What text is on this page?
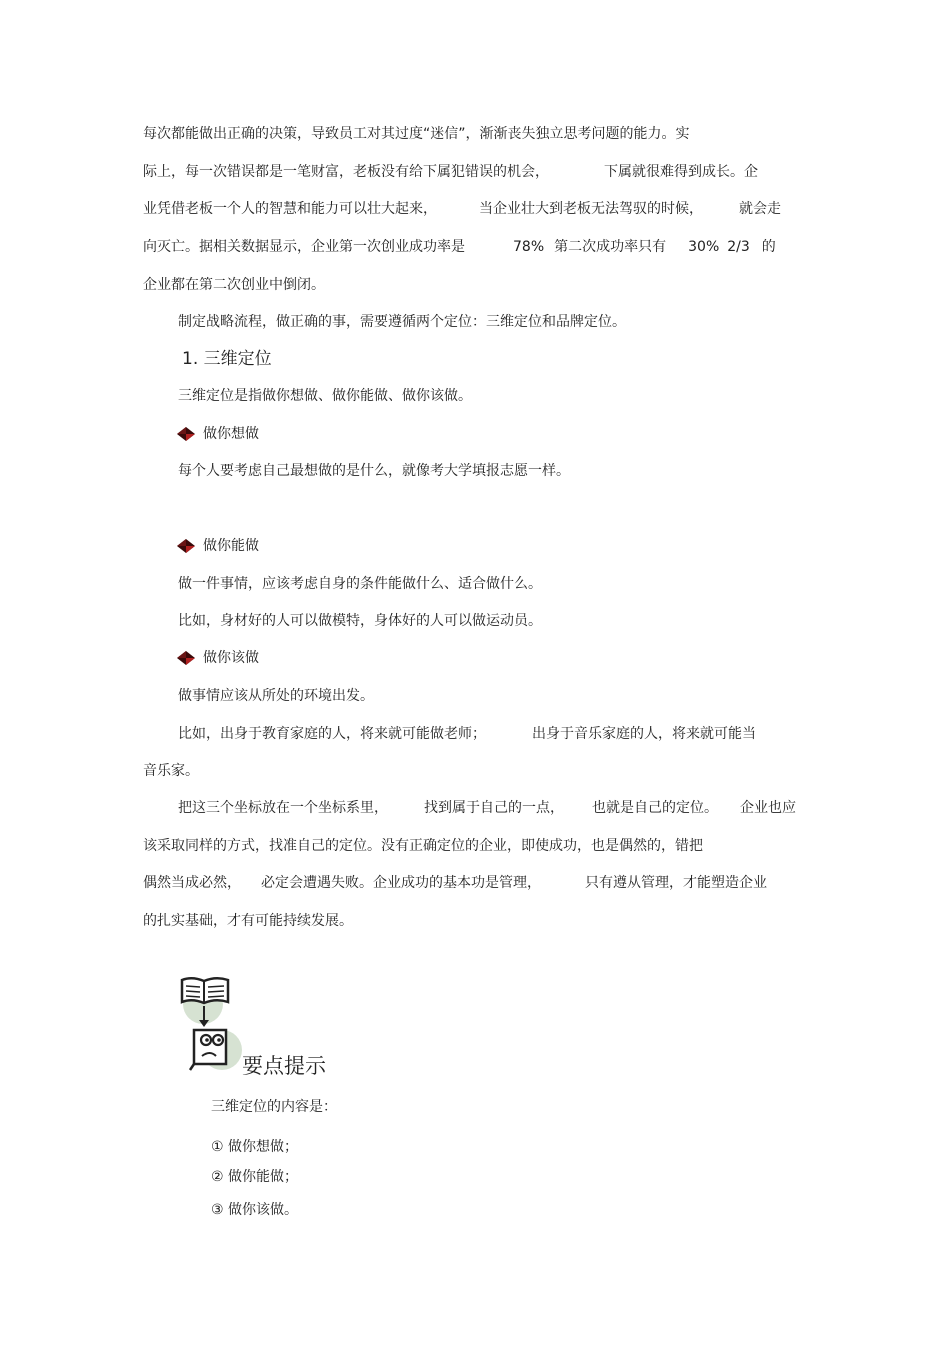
每次都能做出正确的决策，导致员工对其过度“迷信”，渐渐丧失独立思考问题的能力。实
际上，每一次错误都是一笔财富，老板没有给下属犯错误的机会，	下属就很难得到成长。企
业凭借老板一个人的智慧和能力可以壮大起来，	当企业壮大到老板无法驾驭的时候，	就会走
向灭亡。据相关数据显示，企业第一次创业成功率是	78% 第二次成功率只有 30% 2/3 的
企业都在第二次创业中倒闭。
制定战略流程，做正确的事，需要遵循两个定位：三维定位和品牌定位。
1. 三维定位
三维定位是指做你想做、做你能做、做你该做。
做你想做
每个人要考虑自己最想做的是什么，就像考大学填报志愿一样。
做你能做
做一件事情，应该考虑自身的条件能做什么、适合做什么。
比如，身材好的人可以做模特，身体好的人可以做运动员。
做你该做
做事情应该从所处的环境出发。
比如，出身于教育家庭的人，将来就可能做老师；	出身于音乐家庭的人，将来就可能当
音乐家。
把这三个坐标放在一个坐标系里，	找到属于自己的一点， 也就是自己的定位。 企业也应
该采取同样的方式，找准自己的定位。没有正确定位的企业，即使成功，也是偶然的，错把
偶然当成必然， 必定会遭遇失败。企业成功的基本功是管理，	只有遵从管理，才能塑造企业
的扎实基础，才有可能持续发展。
要点提示
三维定位的内容是：
① 做你想做；
② 做你能做；
③ 做你该做。
